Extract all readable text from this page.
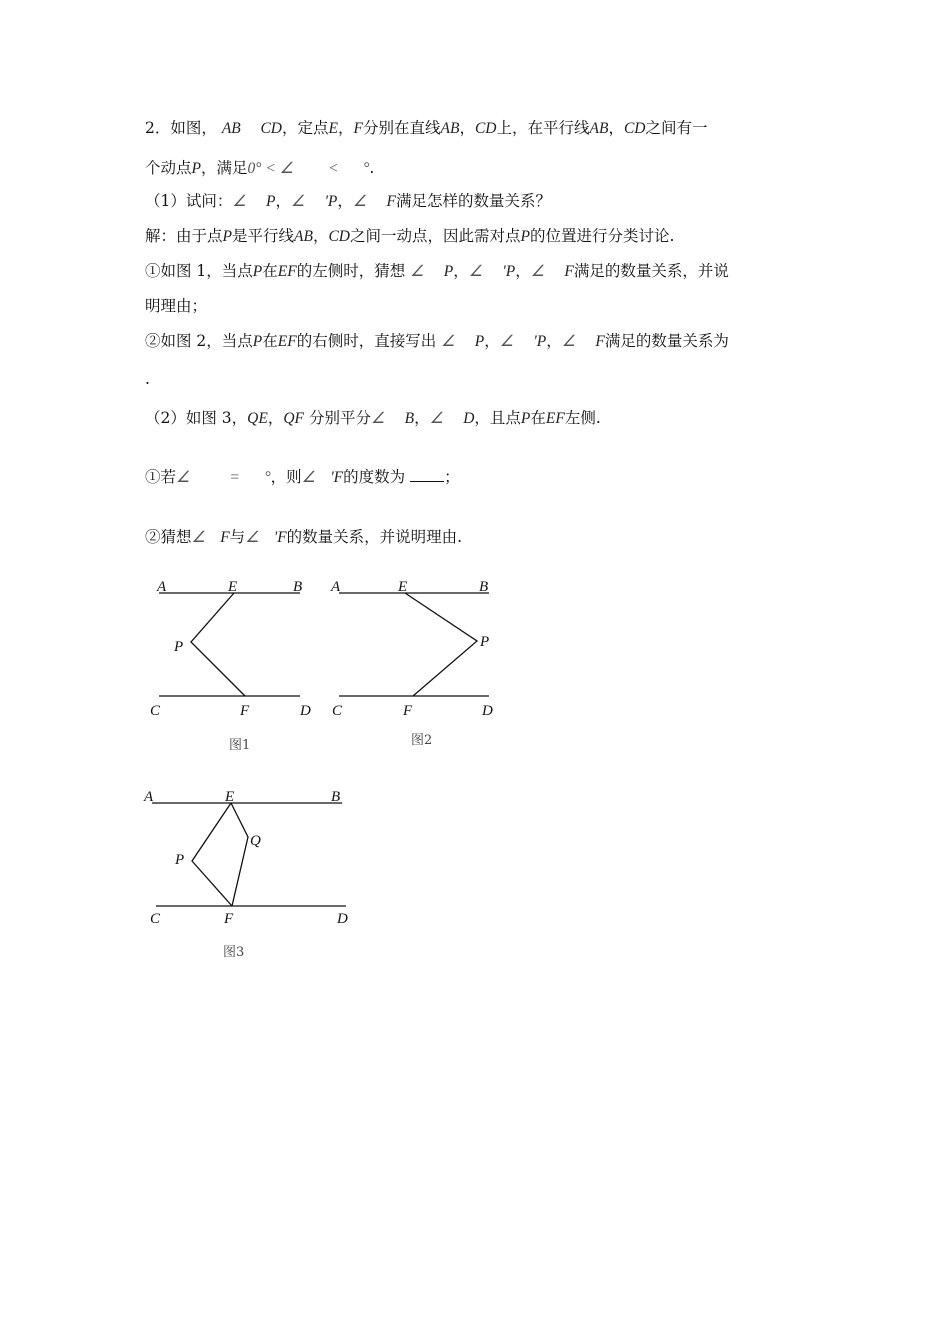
2．如图， AB CD，定点E，F分别在直线AB，CD上，在平行线AB，CD之间有一
个动点P，满足0° < ∠ < °.
（1）试问：∠ P，∠ 'P，∠ F满足怎样的数量关系？
解：由于点P是平行线AB，CD之间一动点，因此需对点P的位置进行分类讨论.
①如图 1，当点P在EF的左侧时，猜想 ∠ P，∠ 'P，∠ F满足的数量关系，并说
明理由；
②如图 2，当点P在EF的右侧时，直接写出 ∠ P，∠ 'P，∠ F满足的数量关系为
.
（2）如图 3，QE，QF 分别平分∠ B，∠ D，且点P在EF左侧.
①若∠	= °，则∠ 'F的度数为	；
②猜想∠ F与∠ 'F的数量关系，并说明理由.
A	E	B
P
C	F	D
图1
A	E	B
P
C	F	D
图2
A	E	B
Q
P
C	F	D
图3
